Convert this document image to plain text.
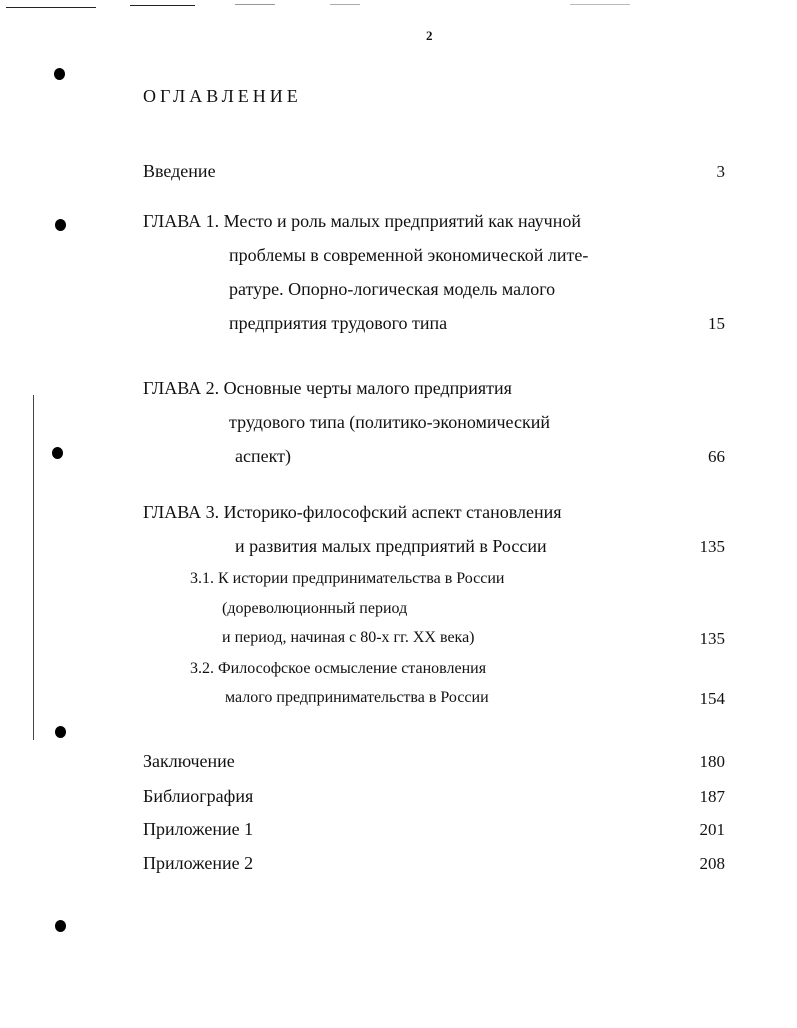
2
ОГЛАВЛЕНИЕ
Введение	3
ГЛАВА 1. Место и роль малых предприятий как научной
проблемы в современной экономической лите-
ратуре. Опорно-логическая модель малого
предприятия трудового типа	15
ГЛАВА 2. Основные черты малого предприятия
трудового типа (политико-экономический
аспект)	66
ГЛАВА 3. Историко-философский аспект становления
и развития малых предприятий в России	135
3.1. К истории предпринимательства в России
(дореволюционный период
и период, начиная с 80-х гг. XX века)	135
3.2. Философское осмысление становления
малого предпринимательства в России	154
Заключение	180
Библиография	187
Приложение 1	201
Приложение 2	208
